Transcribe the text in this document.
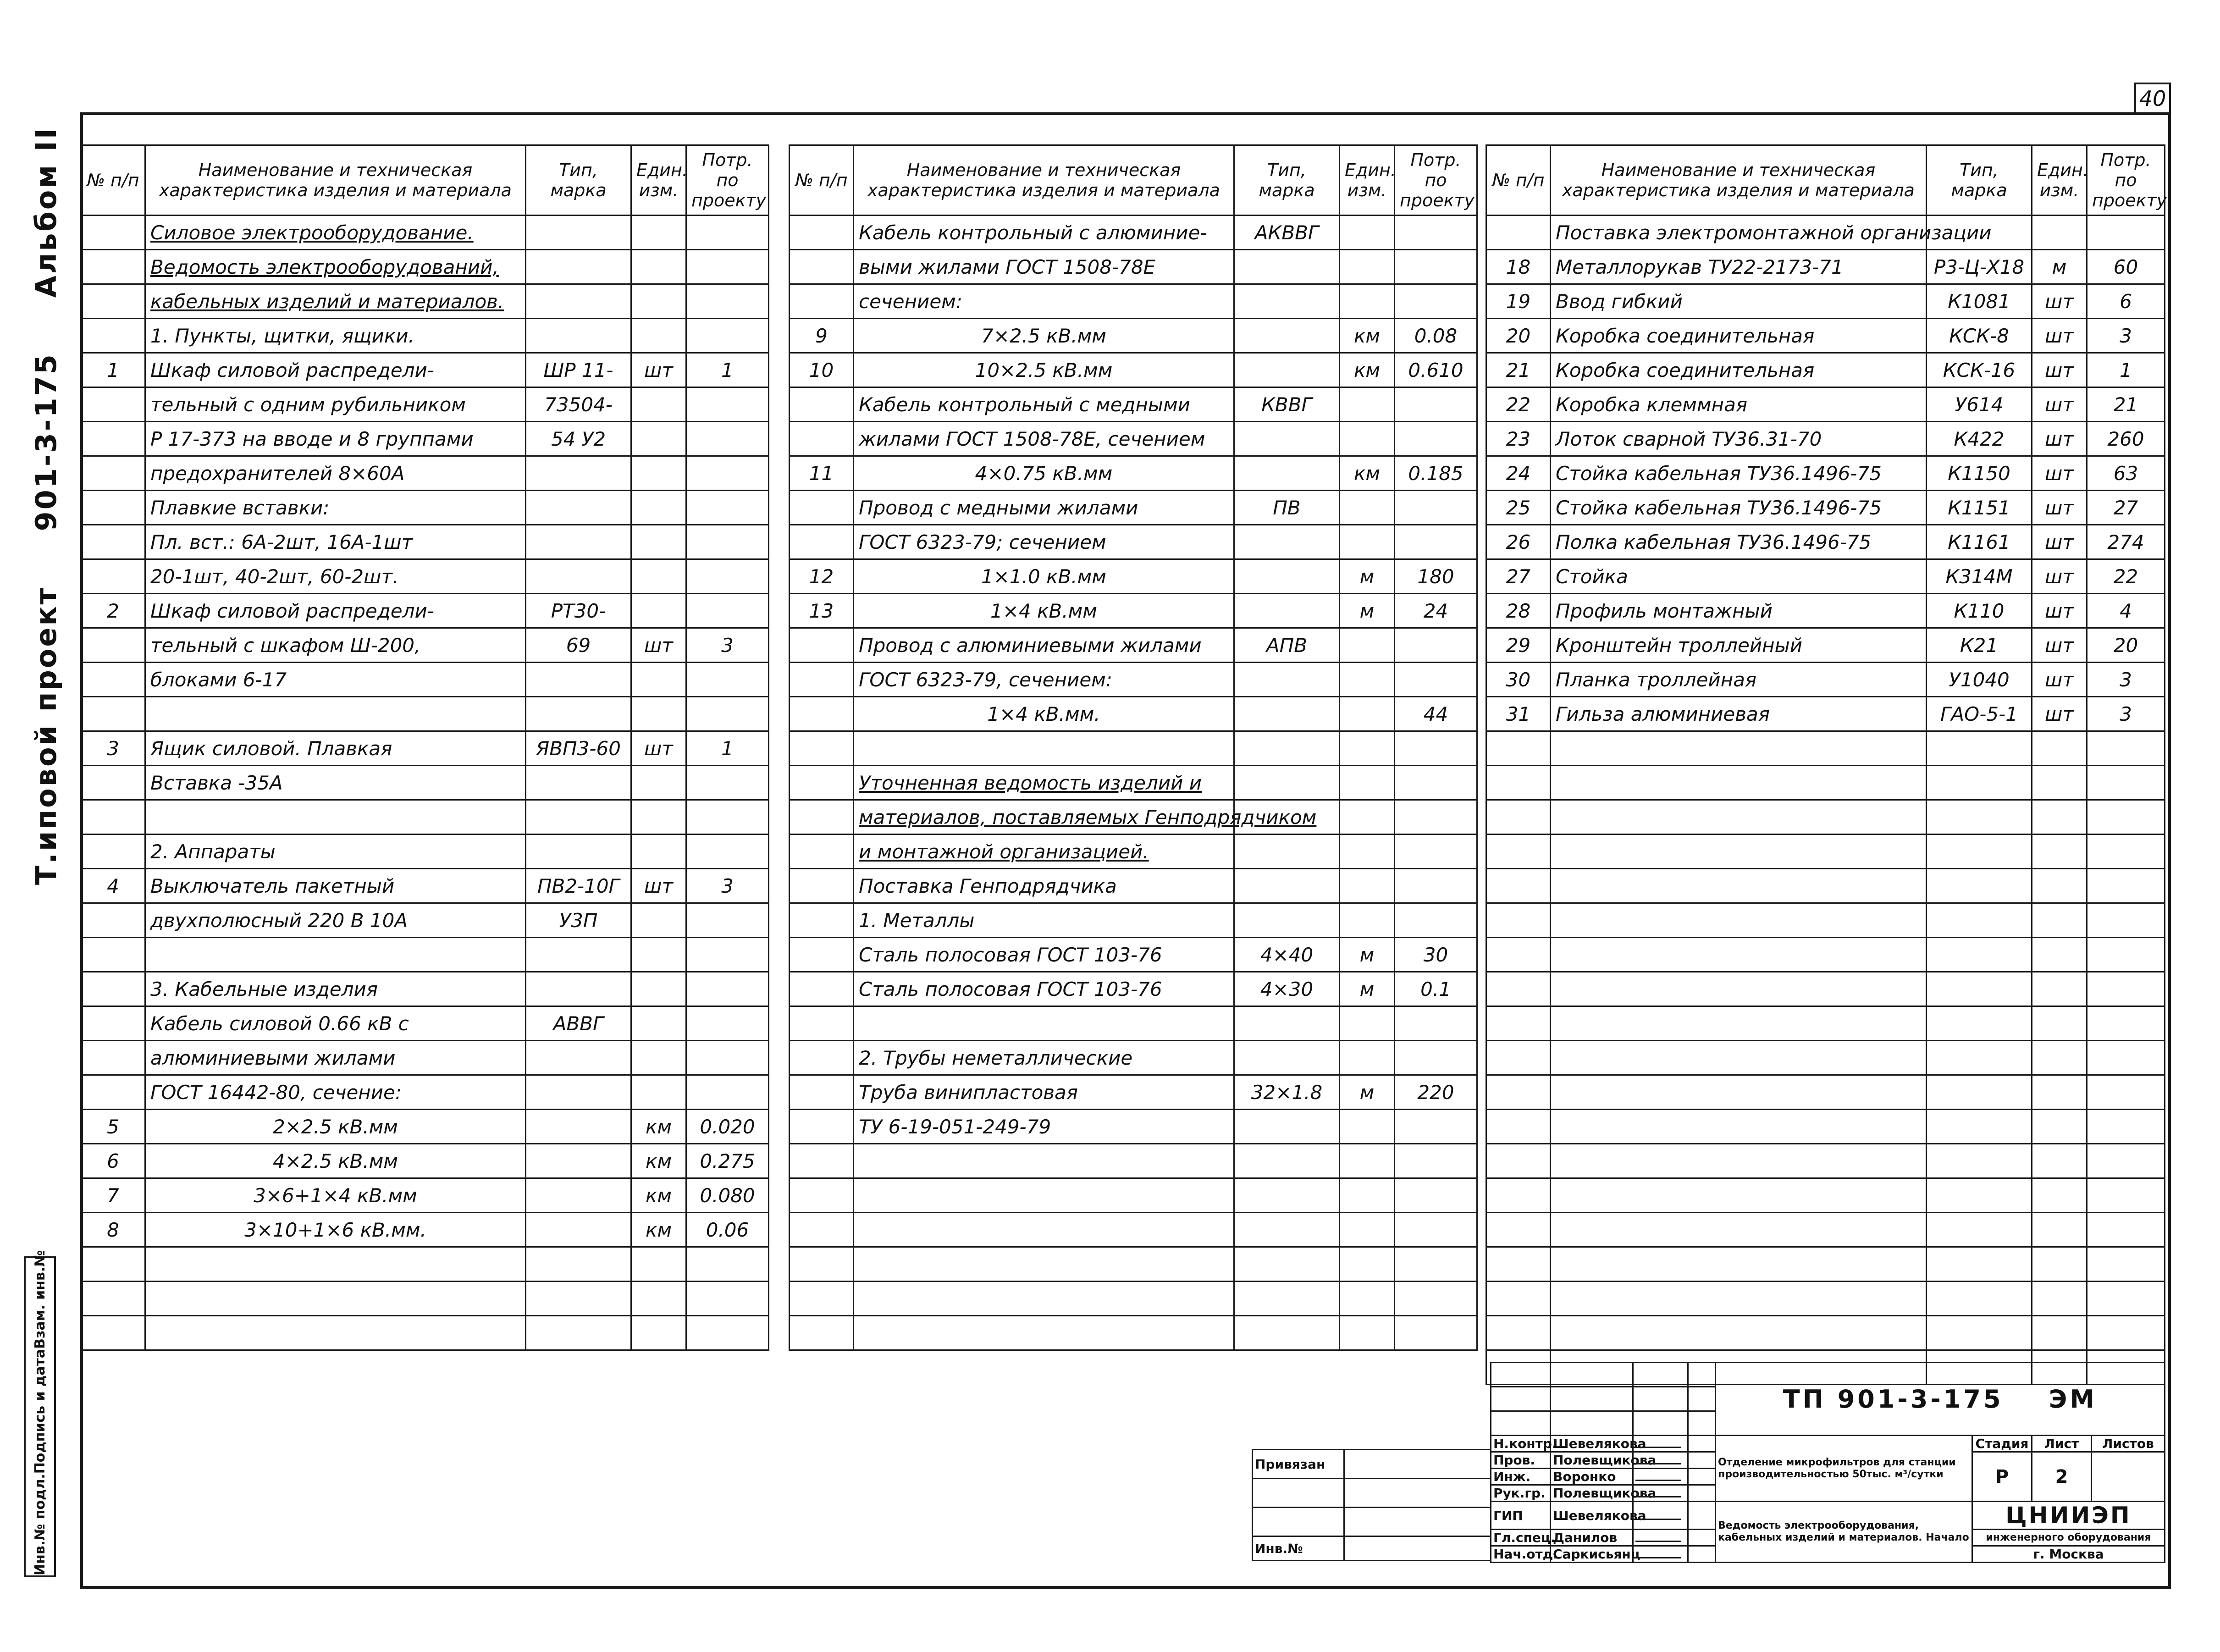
40
Т.иповой проект
901-3-175
Альбом II
Инв.№ подл.
Подпись и дата
Взам. инв.№
№ п/п	Наименование и техническая характеристика изделия и материала	Тип, марка	Един. изм.	Потр. по проекту
	Силовое электрооборудование.			
	Ведомость электрооборудований,			
	кабельных изделий и материалов.			
	1. Пункты, щитки, ящики.			
1	Шкаф силовой распредели-	ШР 11-	шт	1
	тельный с одним рубильником	73504-		
	Р 17-373 на вводе и 8 группами	54 У2		
	предохранителей 8×60А			
	Плавкие вставки:			
	Пл. вст.: 6А-2шт, 16А-1шт			
	20-1шт, 40-2шт, 60-2шт.			
2	Шкаф силовой распредели-	РТ30-		
	тельный с шкафом Ш-200,	69	шт	3
	блоками 6-17			

3	Ящик силовой. Плавкая	ЯВП3-60	шт	1
	Вставка -35А			

	2. Аппараты			
4	Выключатель пакетный	ПВ2-10Г	шт	3
	двухполюсный 220 В 10А	У3П		

	3. Кабельные изделия			
	Кабель силовой 0.66 кВ с	АВВГ		
	алюминиевыми жилами			
	ГОСТ 16442-80, сечение:			
5	2×2.5 кВ.мм		км	0.020
6	4×2.5 кВ.мм		км	0.275
7	3×6+1×4 кВ.мм		км	0.080
8	3×10+1×6 кВ.мм.		км	0.06

№ п/п	Наименование и техническая характеристика изделия и материала	Тип, марка	Един. изм.	Потр. по проекту
	Кабель контрольный с алюминие-	АКВВГ		
	выми жилами ГОСТ 1508-78Е			
	сечением:			
9	7×2.5 кВ.мм		км	0.08
10	10×2.5 кВ.мм		км	0.610
	Кабель контрольный с медными	КВВГ		
	жилами ГОСТ 1508-78Е, сечением			
11	4×0.75 кВ.мм		км	0.185
	Провод с медными жилами	ПВ		
	ГОСТ 6323-79; сечением			
12	1×1.0 кВ.мм		м	180
13	1×4 кВ.мм		м	24
	Провод с алюминиевыми жилами	АПВ		
	ГОСТ 6323-79, сечением:			
	1×4 кВ.мм.			44

	Уточненная ведомость изделий и			
	материалов, поставляемых Генподрядчиком			
	и монтажной организацией.			
	Поставка Генподрядчика			
	1. Металлы			
	Сталь полосовая ГОСТ 103-76	4×40	м	30
	Сталь полосовая ГОСТ 103-76	4×30	м	0.1

	2. Трубы неметаллические			
	Труба винипластовая	32×1.8	м	220
	ТУ 6-19-051-249-79			

№ п/п	Наименование и техническая характеристика изделия и материала	Тип, марка	Един. изм.	Потр. по проекту
	Поставка электромонтажной организации			
18	Металлорукав ТУ22-2173-71	Р3-Ц-Х18	м	60
19	Ввод гибкий	К1081	шт	6
20	Коробка соединительная	КСК-8	шт	3
21	Коробка соединительная	КСК-16	шт	1
22	Коробка клеммная	У614	шт	21
23	Лоток сварной ТУ36.31-70	К422	шт	260
24	Стойка кабельная ТУ36.1496-75	К1150	шт	63
25	Стойка кабельная ТУ36.1496-75	К1151	шт	27
26	Полка кабельная ТУ36.1496-75	К1161	шт	274
27	Стойка	К314М	шт	22
28	Профиль монтажный	К110	шт	4
29	Кронштейн троллейный	К21	шт	20
30	Планка троллейная	У1040	шт	3
31	Гильза алюминиевая	ГАО-5-1	шт	3

Привязан	

Инв.№	
				ТП 901-3-175 ЭМ			

Н.контр.	Шевелякова			Отделение микрофильтров для станции производительностью 50тыс. м³/сутки	Стадия	Лист	Листов
Пров.	Полевщикова				Р	2	
Инж.	Воронко						
Рук.гр.	Полевщикова						
ГИП	Шевелякова			Ведомость электрооборудования, кабельных изделий и материалов. Начало	ЦНИИЭП		
Гл.спец.	Данилов				инженерного оборудования		
Нач.отд.	Саркисьянц				г. Москва		
